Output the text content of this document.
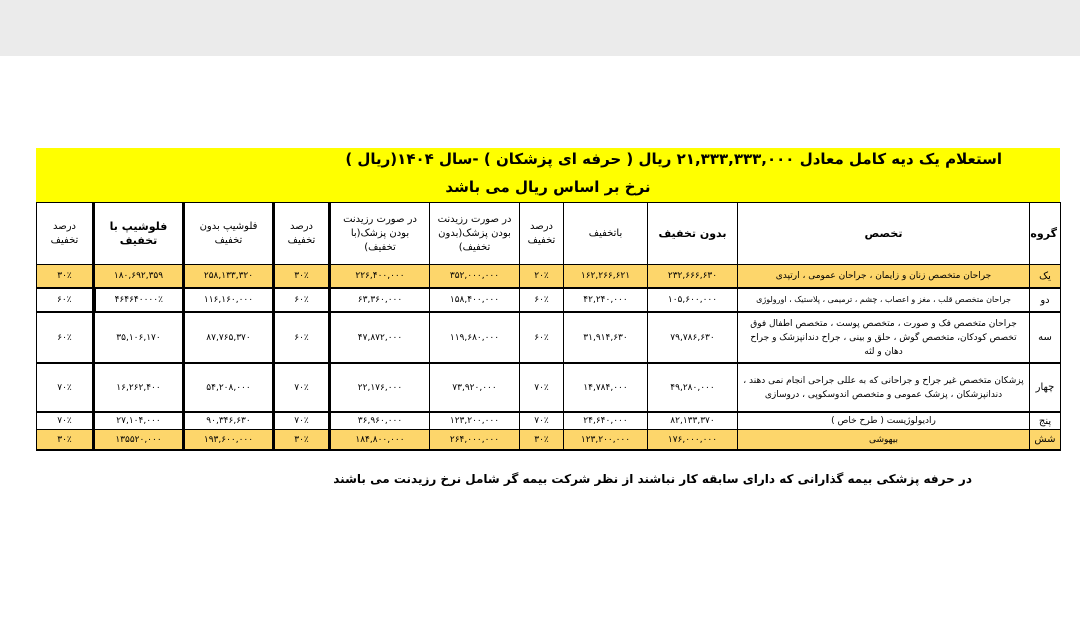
استعلام یک دیه کامل معادل ۲۱,۳۳۳,۳۳۳,۰۰۰ ریال ( حرفه ای پزشکان ) -سال ۱۴۰۴(ریال )
نرخ بر اساس ریال می باشد
گروه	تخصص	بدون تخفیف	باتخفیف	درصد تخفیف	در صورت رزیدنت بودن پزشک(بدون تخفیف)	در صورت رزیدنت بودن پزشک(با تخفیف)	درصد تخفیف	فلوشیپ بدون تخفیف	فلوشیپ با تخفیف	درصد تخفیف
یک	جراحان متخصص زنان و زایمان ، جراحان عمومی ، ارتپدی	۲۳۲,۶۶۶,۶۳۰	۱۶۲,۲۶۶,۶۲۱	۲۰٪	۳۵۲,۰۰۰,۰۰۰	۲۲۶,۴۰۰,۰۰۰	۳۰٪	۲۵۸,۱۳۳,۳۲۰	۱۸۰,۶۹۲,۳۵۹	۳۰٪
دو	جراحان متخصص قلب ، مغز و اعصاب ، چشم ، ترمیمی ، پلاستیک ، اورولوژی	۱۰۵,۶۰۰,۰۰۰	۴۲,۲۴۰,۰۰۰	۶۰٪	۱۵۸,۴۰۰,۰۰۰	۶۳,۳۶۰,۰۰۰	۶۰٪	۱۱۶,۱۶۰,۰۰۰	۴۶۴۶۴۰۰۰۰٪	۶۰٪
سه	جراحان متخصص فک و صورت ، متخصص پوست ، متخصص اطفال فوق تخصص کودکان، متخصص گوش ، حلق و بینی ، جراح دندانپزشک و جراح دهان و لثه	۷۹,۷۸۶,۶۳۰	۳۱,۹۱۴,۶۳۰	۶۰٪	۱۱۹,۶۸۰,۰۰۰	۴۷,۸۷۲,۰۰۰	۶۰٪	۸۷,۷۶۵,۳۷۰	۳۵,۱۰۶,۱۷۰	۶۰٪
چهار	پزشکان متخصص غیر جراح و جراحانی که به عللی جراحی انجام نمی دهند ، دندانپزشکان ، پزشک عمومی و متخصص اندوسکوپی ، دروسازی	۴۹,۲۸۰,۰۰۰	۱۴,۷۸۴,۰۰۰	۷۰٪	۷۳,۹۲۰,۰۰۰	۲۲,۱۷۶,۰۰۰	۷۰٪	۵۴,۲۰۸,۰۰۰	۱۶,۲۶۲,۴۰۰	۷۰٪
پنج	رادیولوژیست ( طرح خاص )	۸۲,۱۳۳,۳۷۰	۲۴,۶۴۰,۰۰۰	۷۰٪	۱۲۳,۲۰۰,۰۰۰	۳۶,۹۶۰,۰۰۰	۷۰٪	۹۰,۳۴۶,۶۳۰	۲۷,۱۰۴,۰۰۰	۷۰٪
شش	بیهوشی	۱۷۶,۰۰۰,۰۰۰	۱۲۳,۲۰۰,۰۰۰	۳۰٪	۲۶۴,۰۰۰,۰۰۰	۱۸۴,۸۰۰,۰۰۰	۳۰٪	۱۹۳,۶۰۰,۰۰۰	۱۳۵۵۲۰,۰۰۰	۳۰٪
در حرفه پزشکی بیمه گذارانی که دارای سابقه کار نباشند از نظر شرکت بیمه گر شامل نرخ رزیدنت می باشند
